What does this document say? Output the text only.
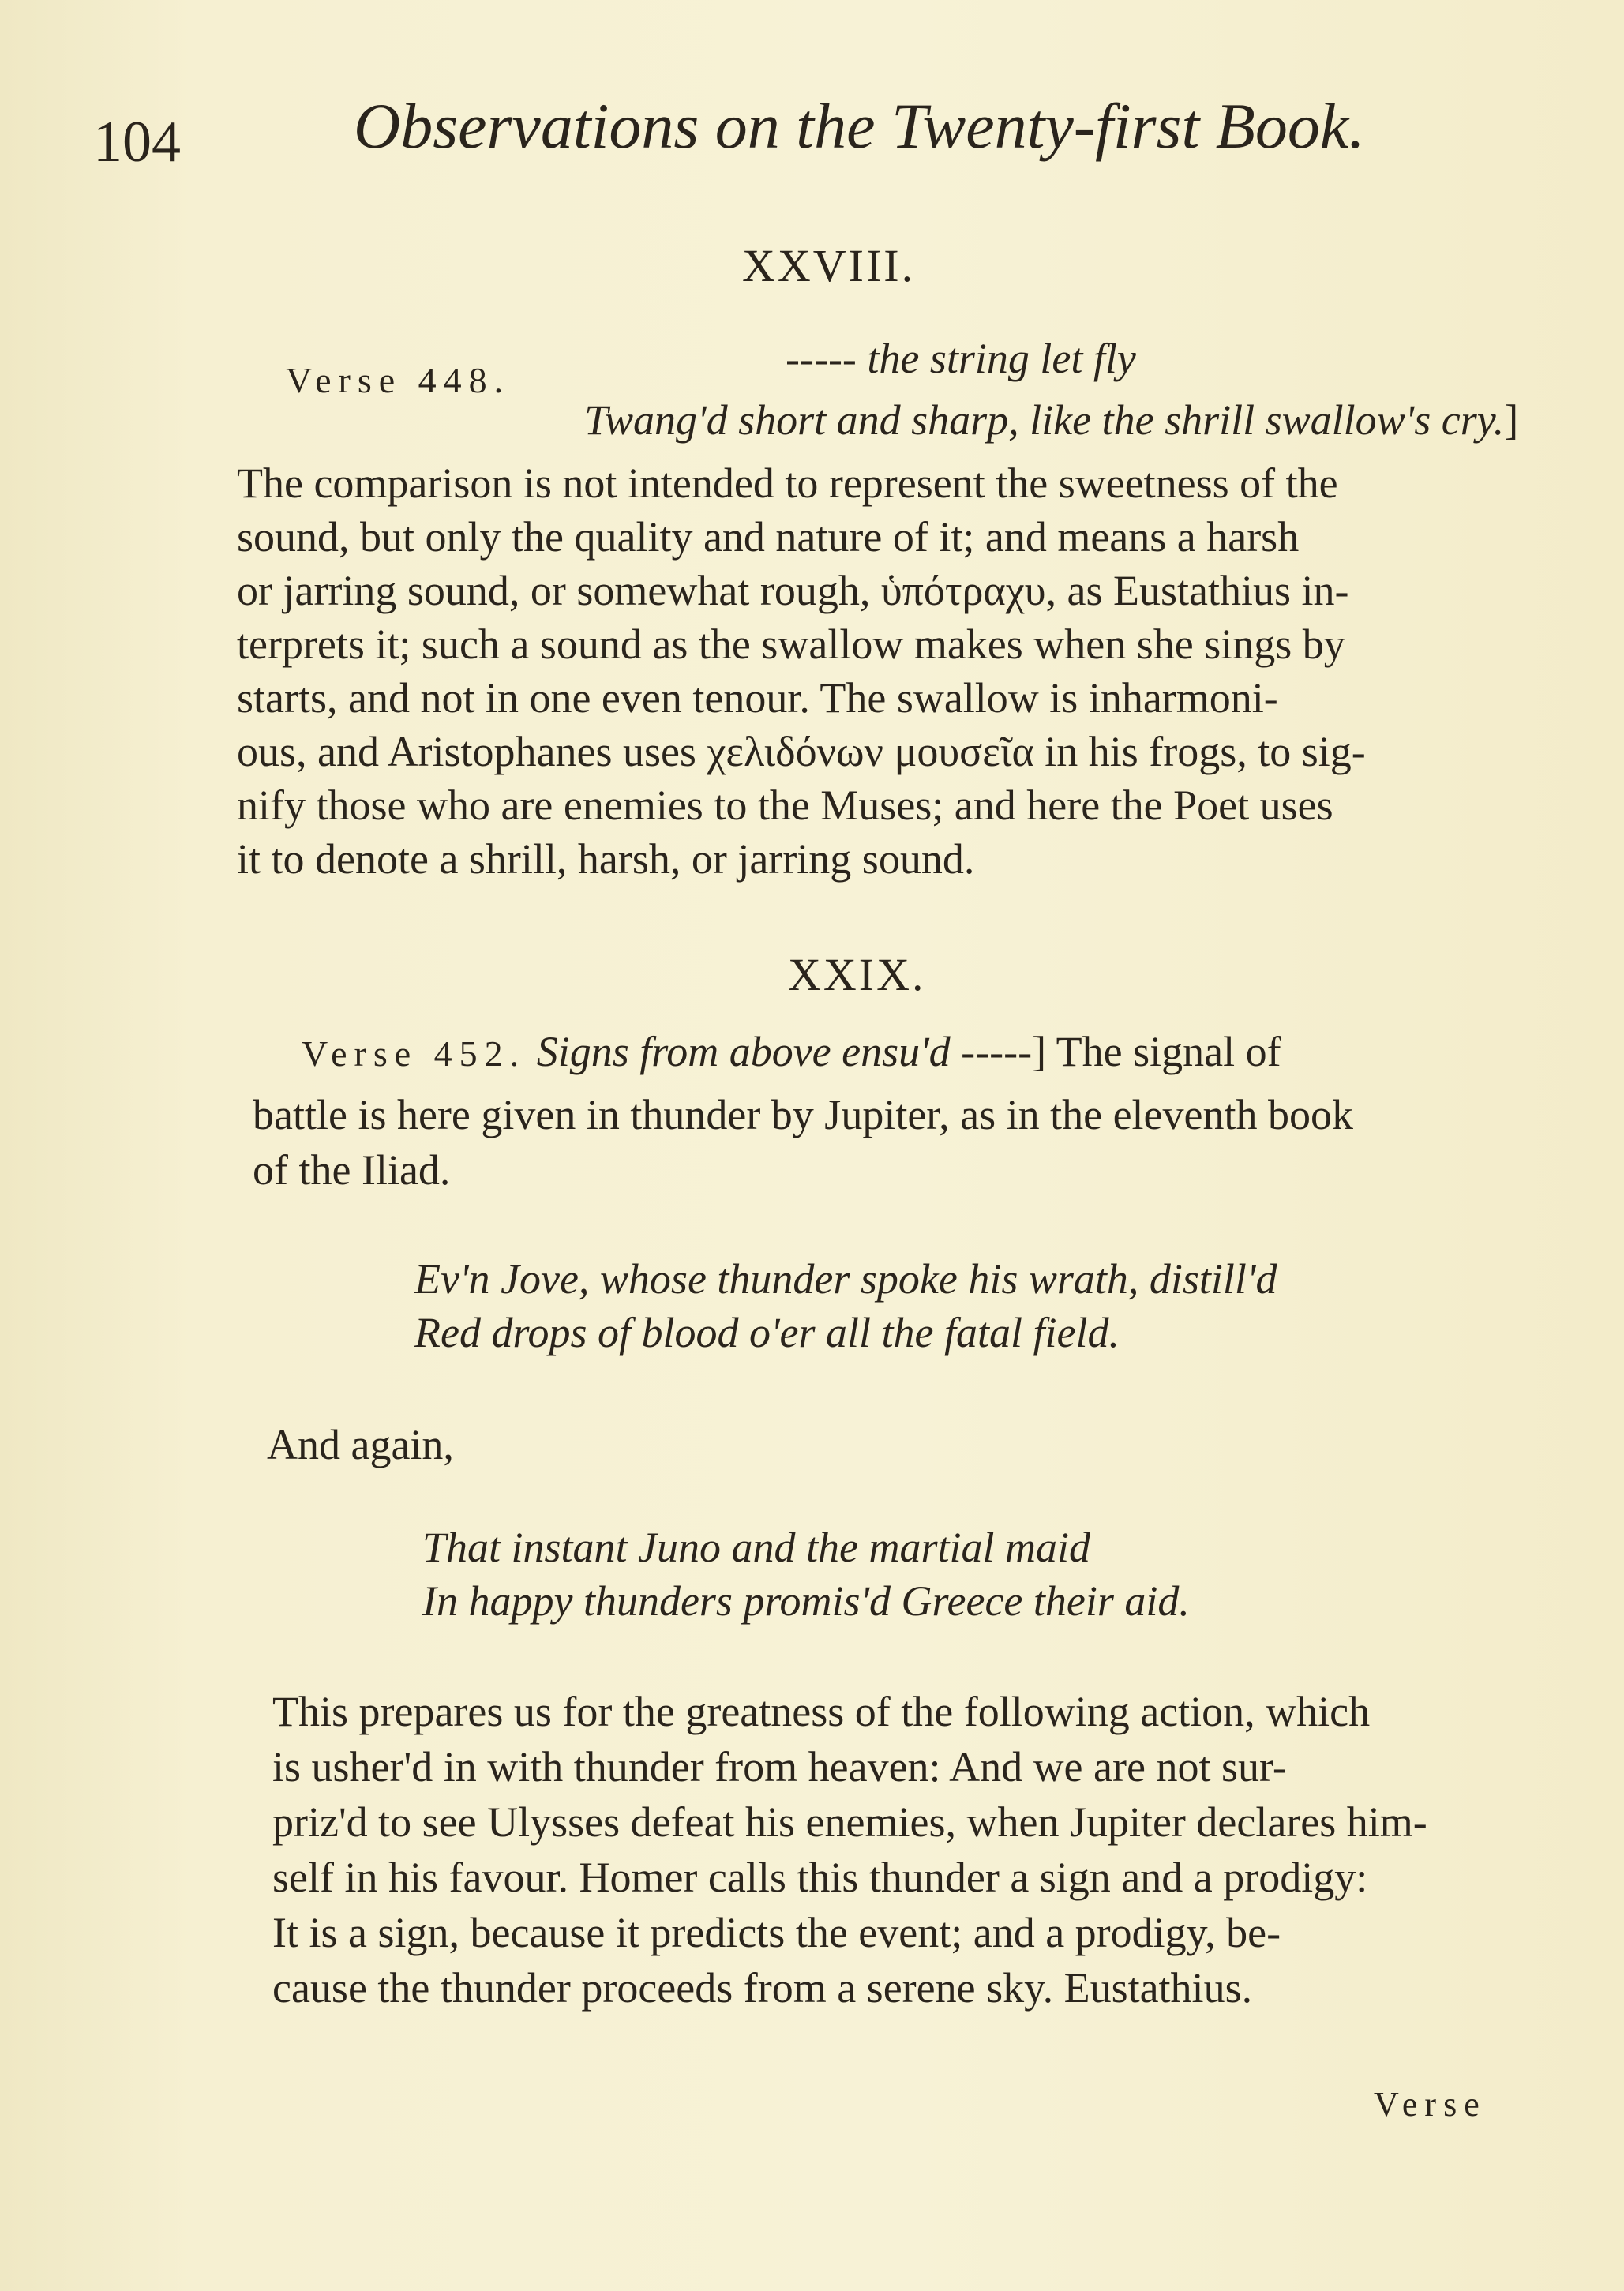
104	Observations on the Twenty-first Book.
XXVIII.
Verse 448.	----- the string let fly
Twang'd short and sharp, like the shrill swallow's cry.]
The comparison is not intended to represent the sweetness of the
sound, but only the quality and nature of it; and means a harsh
or jarring sound, or somewhat rough, ὑπότραχυ, as Eustathius in-
terprets it; such a sound as the swallow makes when she sings by
starts, and not in one even tenour. The swallow is inharmoni-
ous, and Aristophanes uses χελιδόνων μουσεῖα in his frogs, to sig-
nify those who are enemies to the Muses; and here the Poet uses
it to denote a shrill, harsh, or jarring sound.
XXIX.
Verse 452. Signs from above ensu'd -----] The signal of
battle is here given in thunder by Jupiter, as in the eleventh book
of the Iliad.
Ev'n Jove, whose thunder spoke his wrath, distill'd
Red drops of blood o'er all the fatal field.
And again,
That instant Juno and the martial maid
In happy thunders promis'd Greece their aid.
This prepares us for the greatness of the following action, which
is usher'd in with thunder from heaven: And we are not sur-
priz'd to see Ulysses defeat his enemies, when Jupiter declares him-
self in his favour. Homer calls this thunder a sign and a prodigy:
It is a sign, because it predicts the event; and a prodigy, be-
cause the thunder proceeds from a serene sky. Eustathius.
Verse
